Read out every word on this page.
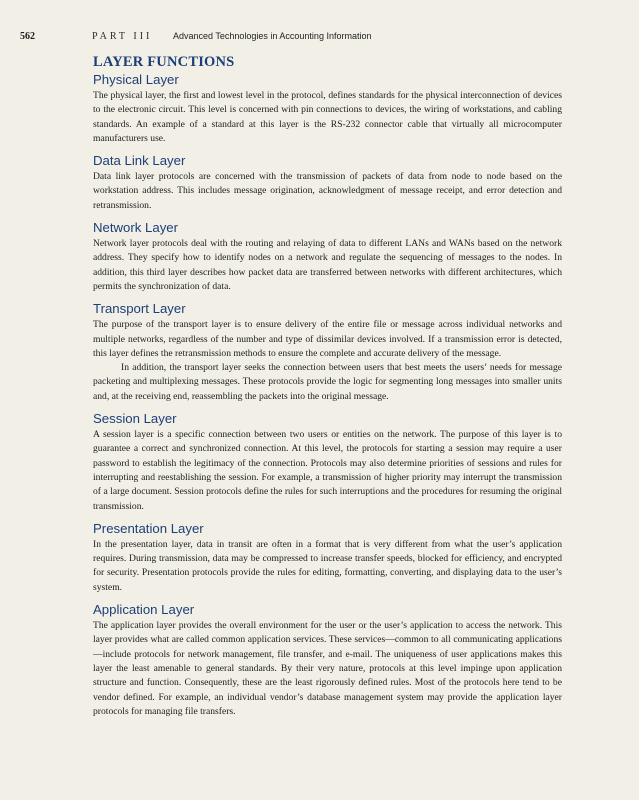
562	PART III Advanced Technologies in Accounting Information
LAYER FUNCTIONS
Physical Layer

The physical layer, the first and lowest level in the protocol, defines standards for the physical interconnection of devices to the electronic circuit. This level is concerned with pin connections to devices, the wiring of workstations, and cabling standards. An example of a standard at this layer is the RS-232 connector cable that virtually all microcomputer manufacturers use.

Data Link Layer

Data link layer protocols are concerned with the transmission of packets of data from node to node based on the workstation address. This includes message origination, acknowledgment of message receipt, and error detection and retransmission.

Network Layer

Network layer protocols deal with the routing and relaying of data to different LANs and WANs based on the network address. They specify how to identify nodes on a network and regulate the sequencing of messages to the nodes. In addition, this third layer describes how packet data are transferred between networks with different architectures, which permits the synchronization of data.

Transport Layer

The purpose of the transport layer is to ensure delivery of the entire file or message across individual networks and multiple networks, regardless of the number and type of dissimilar devices involved. If a transmission error is detected, this layer defines the retransmission methods to ensure the complete and accurate delivery of the message.

In addition, the transport layer seeks the connection between users that best meets the users’ needs for message packeting and multiplexing messages. These protocols provide the logic for segmenting long messages into smaller units and, at the receiving end, reassembling the packets into the original message.

Session Layer

A session layer is a specific connection between two users or entities on the network. The purpose of this layer is to guarantee a correct and synchronized connection. At this level, the protocols for starting a session may require a user password to establish the legitimacy of the connection. Protocols may also determine priorities of sessions and rules for interrupting and reestablishing the session. For example, a transmission of higher priority may interrupt the transmission of a large document. Session protocols define the rules for such interruptions and the procedures for resuming the original transmission.

Presentation Layer

In the presentation layer, data in transit are often in a format that is very different from what the user’s application requires. During transmission, data may be compressed to increase transfer speeds, blocked for efficiency, and encrypted for security. Presentation protocols provide the rules for editing, formatting, converting, and displaying data to the user’s system.

Application Layer

The application layer provides the overall environment for the user or the user’s application to access the network. This layer provides what are called common application services. These services—common to all communicating applications—include protocols for network management, file transfer, and e-mail. The uniqueness of user applications makes this layer the least amenable to general standards. By their very nature, protocols at this level impinge upon application structure and function. Consequently, these are the least rigorously defined rules. Most of the protocols here tend to be vendor defined. For example, an individual vendor’s database management system may provide the application layer protocols for managing file transfers.
